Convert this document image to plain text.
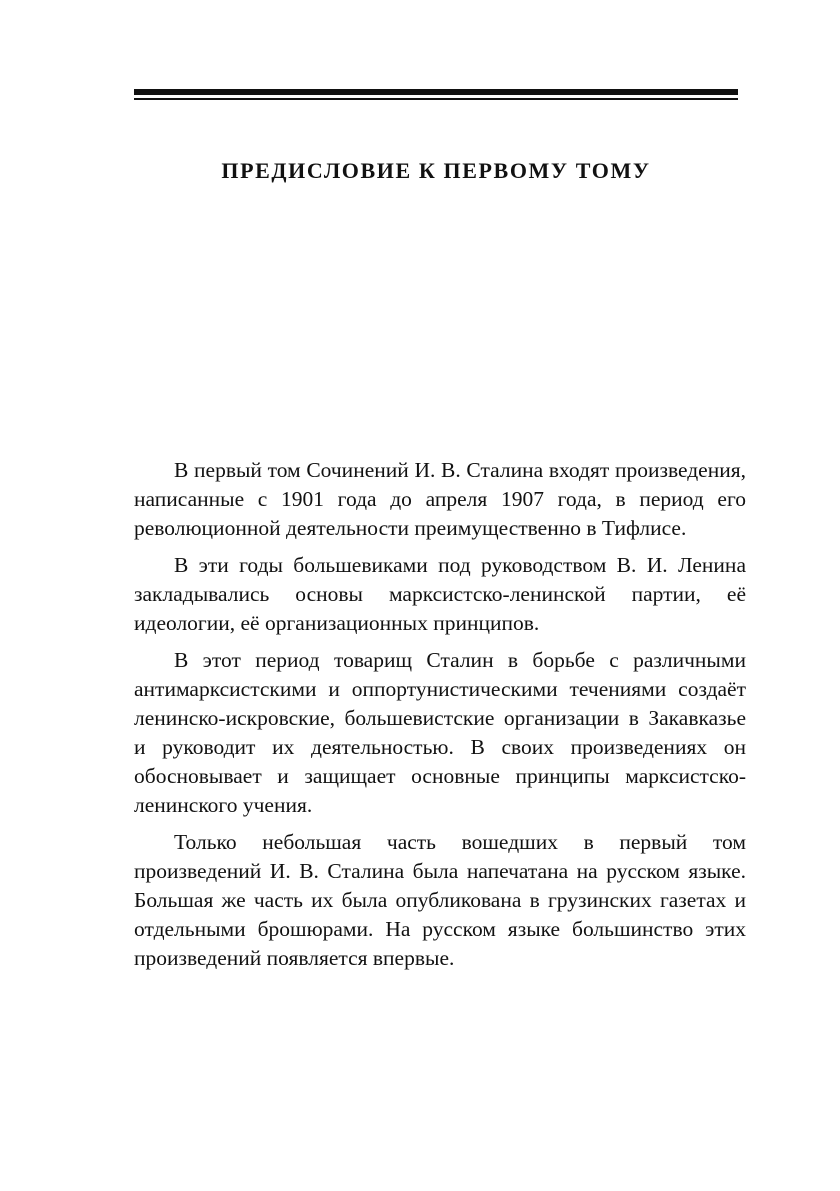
ПРЕДИСЛОВИЕ К ПЕРВОМУ ТОМУ

В первый том Сочинений И. В. Сталина входят произведения, написанные с 1901 года до апреля 1907 года, в период его революционной деятельности преимущественно в Тифлисе.

В эти годы большевиками под руководством В. И. Ленина закладывались основы марксистско-ленинской партии, её идеологии, её организационных принципов.

В этот период товарищ Сталин в борьбе с различными антимарксистскими и оппортунистическими течениями создаёт ленинско-искровские, большевистские организации в Закавказье и руководит их деятельностью. В своих произведениях он обосновывает и защищает основные принципы марксистско-ленинского учения.

Только небольшая часть вошедших в первый том произведений И. В. Сталина была напечатана на русском языке. Большая же часть их была опубликована в грузинских газетах и отдельными брошюрами. На русском языке большинство этих произведений появляется впервые.
